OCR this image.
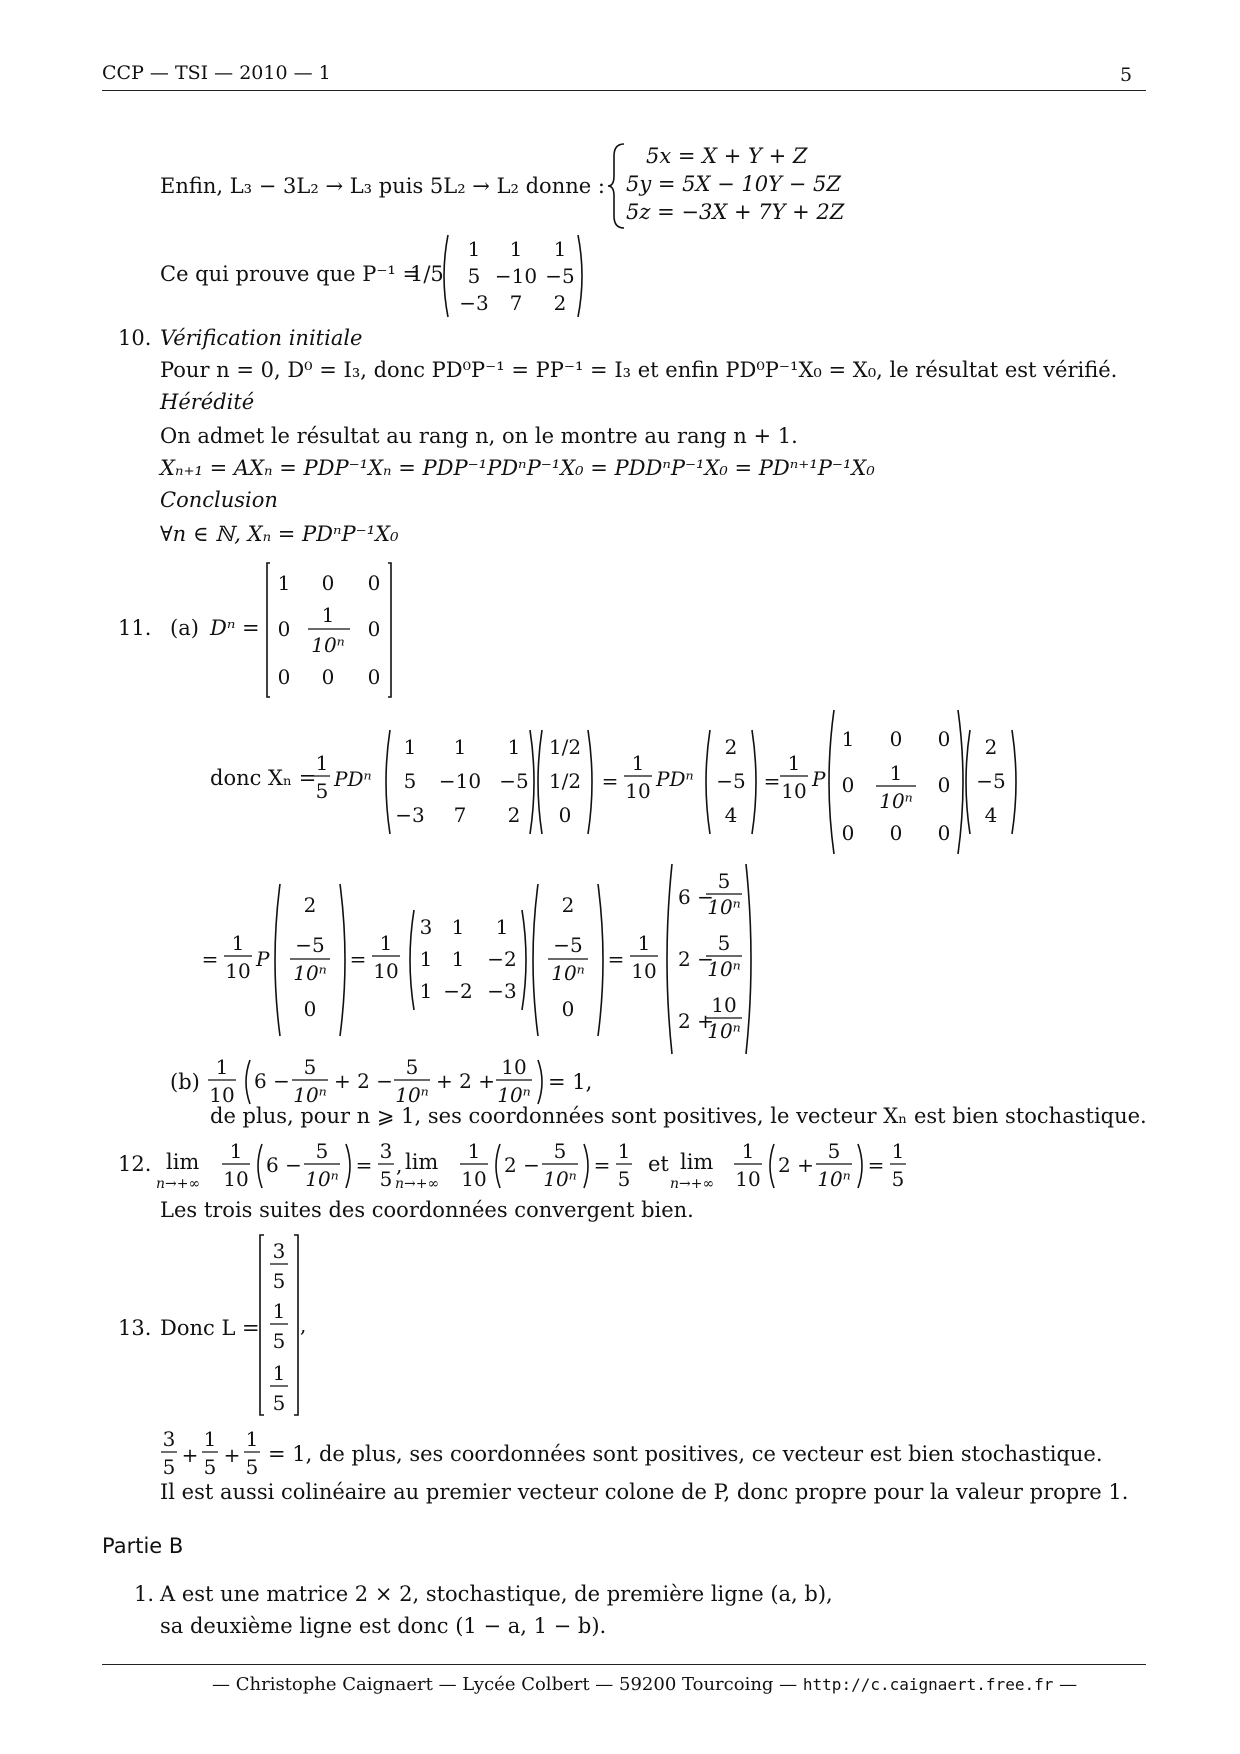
CCP — TSI — 2010 — 1	5
Enfin, L₃ − 3L₂ → L₃ puis 5L₂ → L₂ donne :
5x = X + Y + Z
5y = 5X − 10Y − 5Z
5z = −3X + 7Y + 2Z
Ce qui prouve que P⁻¹ =
1/5
1 1 1
5 −10 −5
−3 7 2
10. Vérification initiale
Pour n = 0, D⁰ = I₃, donc PD⁰P⁻¹ = PP⁻¹ = I₃ et enfin PD⁰P⁻¹X₀ = X₀, le résultat est vérifié.
Hérédité
On admet le résultat au rang n, on le montre au rang n + 1.
Xₙ₊₁ = AXₙ = PDP⁻¹Xₙ = PDP⁻¹PDⁿP⁻¹X₀ = PDDⁿP⁻¹X₀ = PDⁿ⁺¹P⁻¹X₀
Conclusion
∀n ∈ ℕ, Xₙ = PDⁿP⁻¹X₀
11. (a) Dⁿ =
1 0 0
0
1
10ⁿ
0
0 0 0
donc Xₙ =
1
5 PDⁿ
1 1 1
5 −10 −5
−3 7 2
1/2
1/2
0
=
1
10 PDⁿ
2
−5
4
=
1
10 P
1 0 0
0 1
10ⁿ
0
0 0 0
2
−5
4
=
1
10 P
2
−5
10ⁿ
0
=
1
10
3 1 1
1 1 −2
1 −2 −3
2
−5
10ⁿ
0
=
1
10
6 −
5
10ⁿ
2 −
5
10ⁿ
2 +
10
10ⁿ
(b)
1
10
6 −
5
10ⁿ
+ 2 −
5
10ⁿ
+ 2 +
10
10ⁿ
= 1,
de plus, pour n ⩾ 1, ses coordonnées sont positives, le vecteur Xₙ est bien stochastique.
12. lim
n→+∞
lim
n→+∞
et lim
n→+∞
1
10
6 −
5
10ⁿ
=
3
5
,
1
10
2 −
5
10ⁿ
=
1
5
1
10
2 +
5
10ⁿ
=
1
5
Les trois suites des coordonnées convergent bien.
13. Donc L =
3
5
1
5
1
5
,
3
5 +
1
5 +
1
5
= 1, de plus, ses coordonnées sont positives, ce vecteur est bien stochastique.
Il est aussi colinéaire au premier vecteur colone de P, donc propre pour la valeur propre 1.
Partie B
1. A est une matrice 2 × 2, stochastique, de première ligne (a, b),
sa deuxième ligne est donc (1 − a, 1 − b).
— Christophe Caignaert — Lycée Colbert — 59200 Tourcoing — http://c.caignaert.free.fr —
